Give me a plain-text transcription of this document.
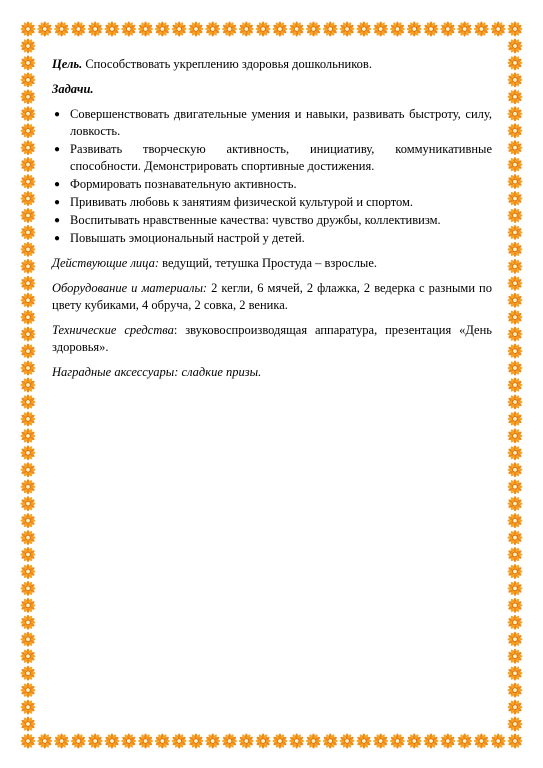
Цель. Способствовать укреплению здоровья дошкольников.

Задачи.

● Совершенствовать двигательные умения и навыки, развивать быстроту, силу, ловкость.
● Развивать творческую активность, инициативу, коммуникативные способности. Демонстрировать спортивные достижения.
● Формировать познавательную активность.
● Прививать любовь к занятиям физической культурой и спортом.
● Воспитывать нравственные качества: чувство дружбы, коллективизм.
● Повышать эмоциональный настрой у детей.

Действующие лица: ведущий, тетушка Простуда – взрослые.

Оборудование и материалы: 2 кегли, 6 мячей, 2 флажка, 2 ведерка с разными по цвету кубиками, 4 обруча, 2 совка, 2 веника.

Технические средства: звуковоспроизводящая аппаратура, презентация «День здоровья».

Наградные аксессуары: сладкие призы.
